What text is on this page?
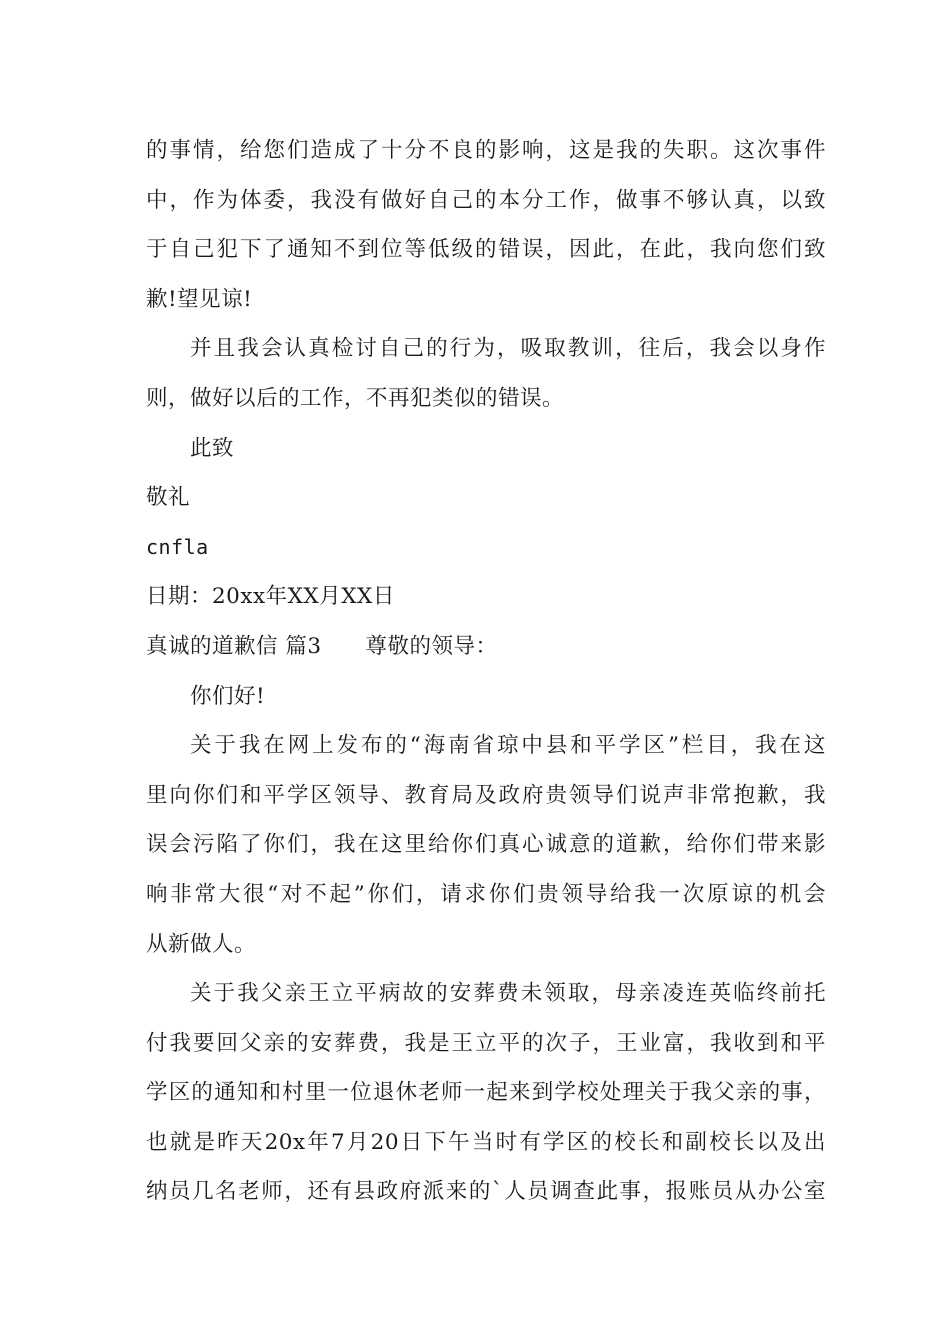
的事情，给您们造成了十分不良的影响，这是我的失职。这次事件
中，作为体委，我没有做好自己的本分工作，做事不够认真，以致
于自己犯下了通知不到位等低级的错误，因此，在此，我向您们致
歉!望见谅!
并且我会认真检讨自己的行为，吸取教训，往后，我会以身作
则，做好以后的工作，不再犯类似的错误。
此致
敬礼
cnfla
日期：20xx年XX月XX日
真诚的道歉信 篇3 尊敬的领导：
你们好!
关于我在网上发布的“海南省琼中县和平学区”栏目，我在这
里向你们和平学区领导、教育局及政府贵领导们说声非常抱歉，我
误会污陷了你们，我在这里给你们真心诚意的道歉，给你们带来影
响非常大很“对不起”你们，请求你们贵领导给我一次原谅的机会
从新做人。
关于我父亲王立平病故的安葬费未领取，母亲凌连英临终前托
付我要回父亲的安葬费，我是王立平的次子，王业富，我收到和平
学区的通知和村里一位退休老师一起来到学校处理关于我父亲的事，
也就是昨天20x年7月20日下午当时有学区的校长和副校长以及出
纳员几名老师，还有县政府派来的`人员调查此事，报账员从办公室
